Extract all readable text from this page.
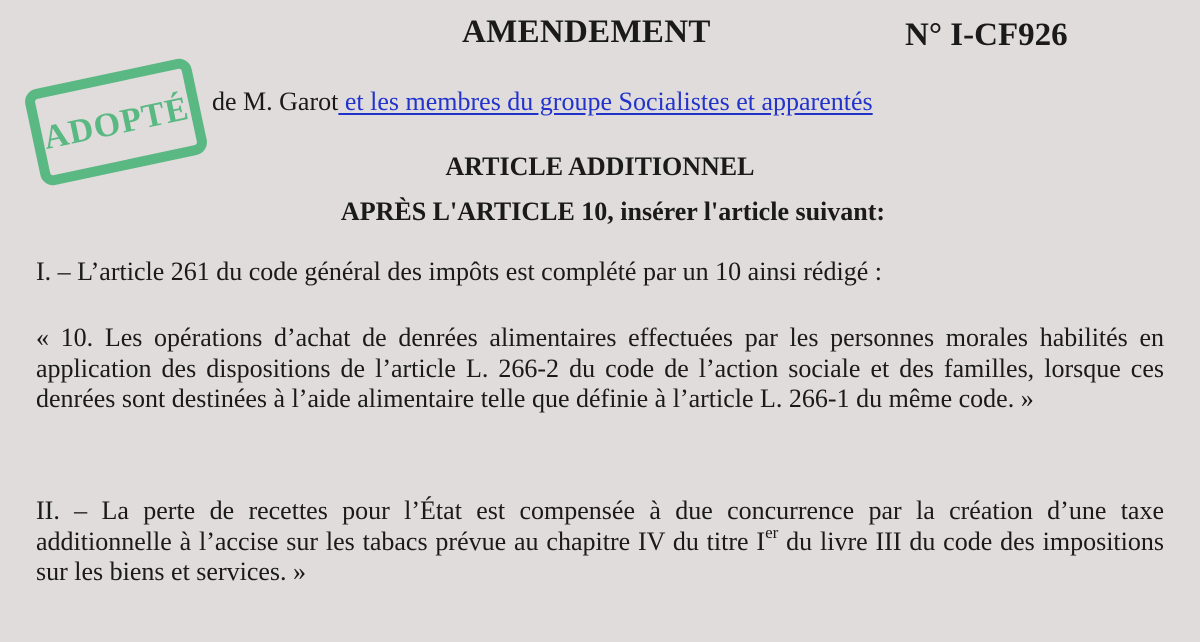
AMENDEMENT	N° I-CF926
ADOPTÉ de M. Garot et les membres du groupe Socialistes et apparentés
ARTICLE ADDITIONNEL
APRÈS L'ARTICLE 10, insérer l'article suivant:

I. – L’article 261 du code général des impôts est complété par un 10 ainsi rédigé :

« 10. Les opérations d’achat de denrées alimentaires effectuées par les personnes morales habilités en application des dispositions de l’article L. 266-2 du code de l’action sociale et des familles, lorsque ces denrées sont destinées à l’aide alimentaire telle que définie à l’article L. 266-1 du même code. »

II. – La perte de recettes pour l’État est compensée à due concurrence par la création d’une taxe additionnelle à l’accise sur les tabacs prévue au chapitre IV du titre Ier du livre III du code des impositions sur les biens et services. »
